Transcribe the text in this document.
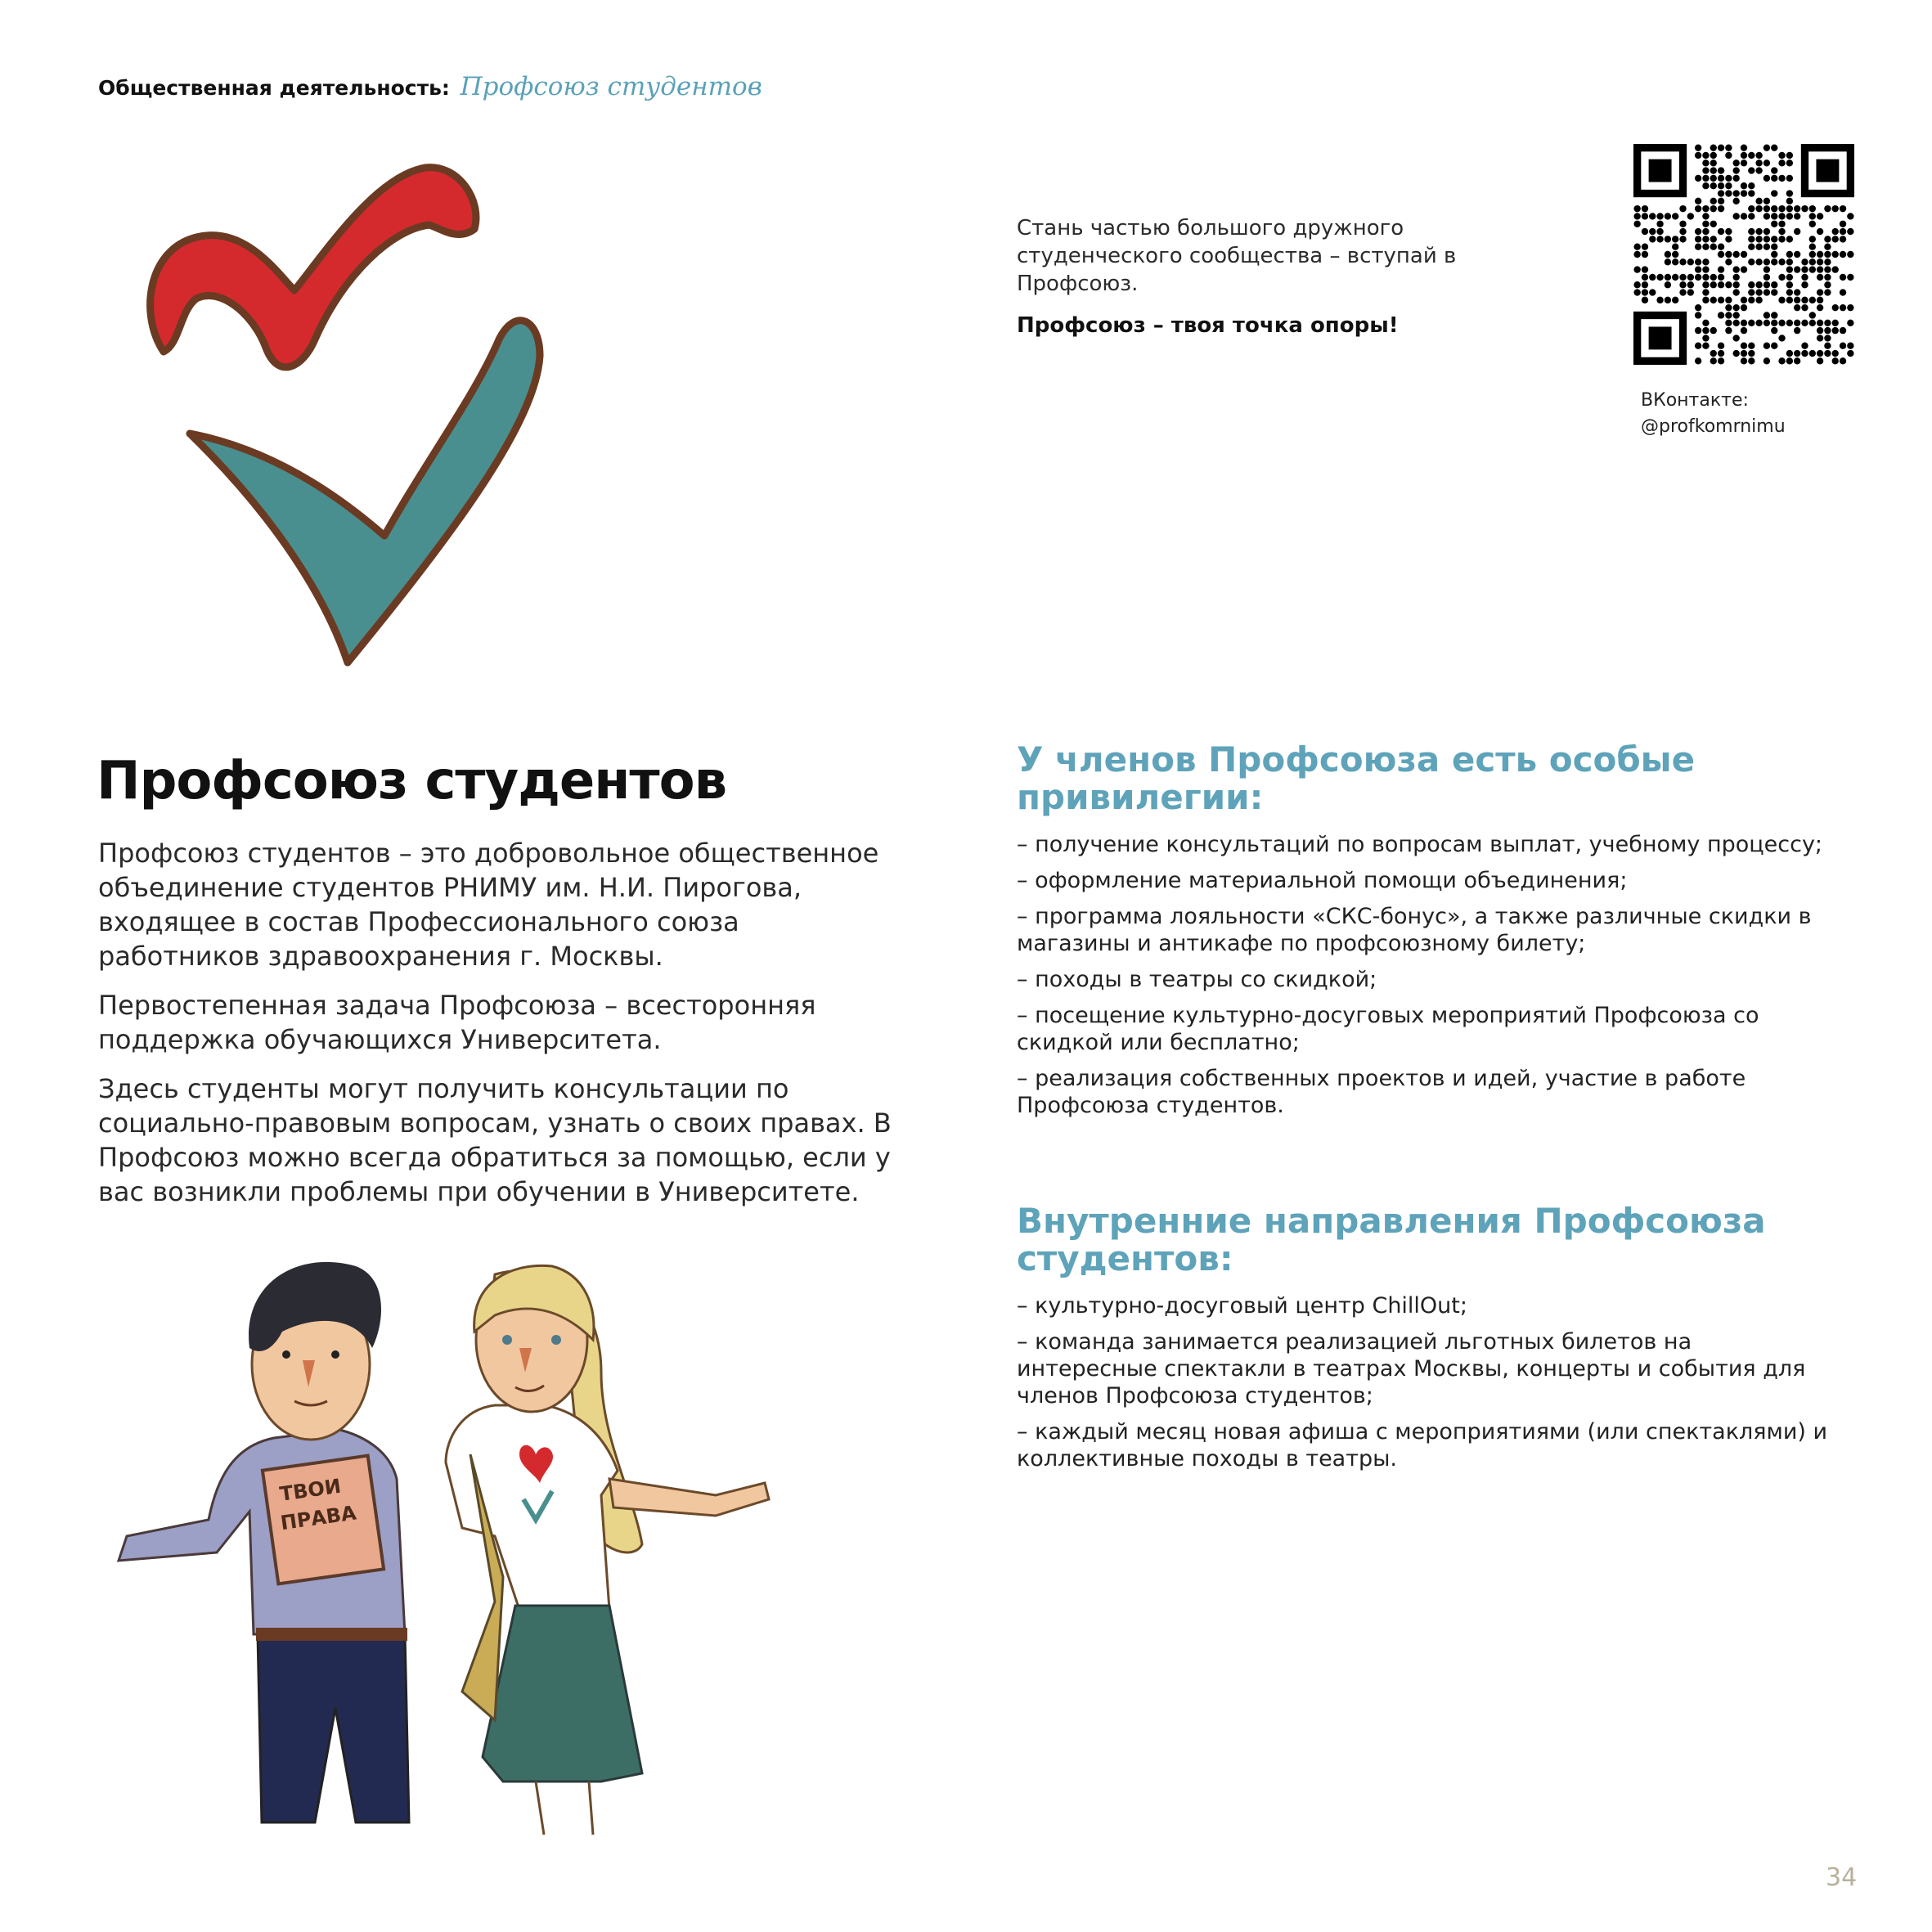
Общественная деятельность: Профсоюз студентов
Стань частью большого дружного студенческого сообщества – вступай в Профсоюз.
Профсоюз – твоя точка опоры!
ВКонтакте:
@profkomrnimu
Профсоюз студентов

Профсоюз студентов – это добровольное общественное объединение студентов РНИМУ им. Н.И. Пирогова, входящее в состав Профессионального союза работников здравоохранения г. Москвы.

Первостепенная задача Профсоюза – всесторонняя поддержка обучающихся Университета.

Здесь студенты могут получить консультации по социально-правовым вопросам, узнать о своих правах. В Профсоюз можно всегда обратиться за помощью, если у вас возникли проблемы при обучении в Университете.

У членов Профсоюза есть особые привилегии:
– получение консультаций по вопросам выплат, учебному процессу;
– оформление материальной помощи объединения;
– программа лояльности «СКС-бонус», а также различные скидки в магазины и антикафе по профсоюзному билету;
– походы в театры со скидкой;
– посещение культурно-досуговых мероприятий Профсоюза со скидкой или бесплатно;
– реализация собственных проектов и идей, участие в работе Профсоюза студентов.
Внутренние направления Профсоюза студентов:
– культурно-досуговый центр ChillOut;
– команда занимается реализацией льготных билетов на интересные спектакли в театрах Москвы, концерты и события для членов Профсоюза студентов;
– каждый месяц новая афиша с мероприятиями (или спектаклями) и коллективные походы в театры.
ТВОИ
ПРАВА
34
